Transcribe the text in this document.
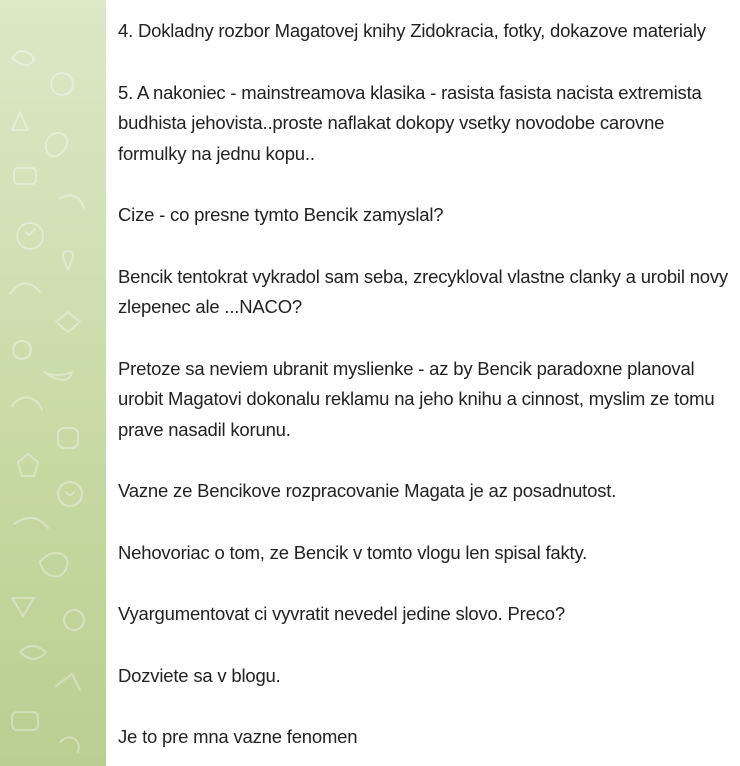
4. Dokladny rozbor Magatovej knihy Zidokracia, fotky, dokazove materialy

5. A nakoniec - mainstreamova klasika - rasista fasista nacista extremista budhista jehovista..proste naflakat dokopy vsetky novodobe carovne formulky na jednu kopu..

Cize - co presne tymto Bencik zamyslal?

Bencik tentokrat vykradol sam seba, zrecykloval vlastne clanky a urobil novy zlepenec ale ...NACO?

Pretoze sa neviem ubranit myslienke - az by Bencik paradoxne planoval urobit Magatovi dokonalu reklamu na jeho knihu a cinnost, myslim ze tomu prave nasadil korunu.

Vazne ze Bencikove rozpracovanie Magata je az posadnutost.

Nehovoriac o tom, ze Bencik v tomto vlogu len spisal fakty.

Vyargumentovat ci vyvratit nevedel jedine slovo. Preco?

Dozviete sa v blogu.

Je to pre mna vazne fenomen
